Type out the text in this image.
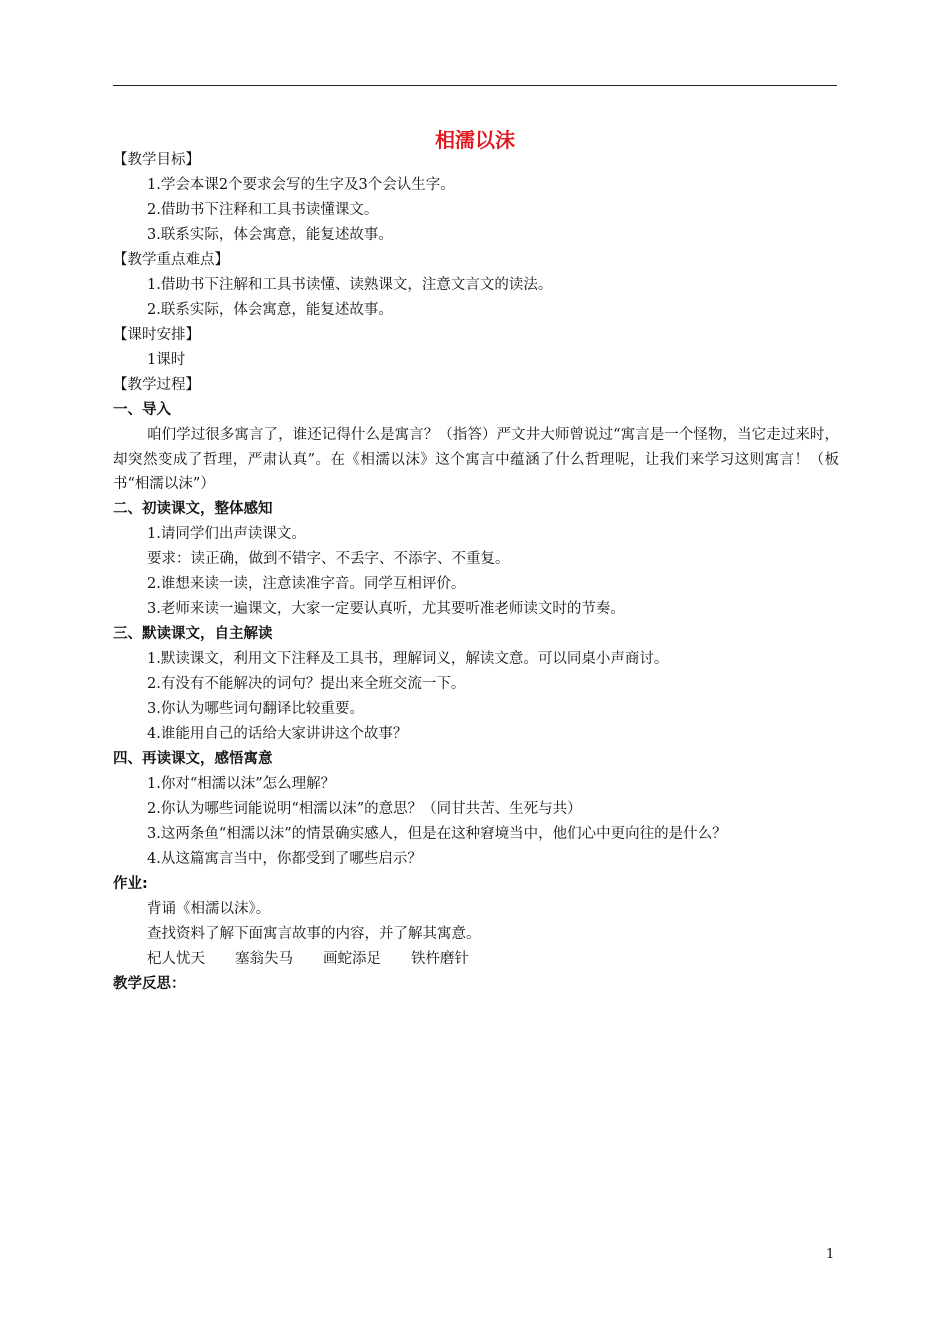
相濡以沫
【教学目标】
1.学会本课2个要求会写的生字及3个会认生字。
2.借助书下注释和工具书读懂课文。
3.联系实际，体会寓意，能复述故事。
【教学重点难点】
1.借助书下注解和工具书读懂、读熟课文，注意文言文的读法。
2.联系实际，体会寓意，能复述故事。
【课时安排】
1课时
【教学过程】
一、导入
咱们学过很多寓言了，谁还记得什么是寓言？（指答）严文井大师曾说过“寓言是一个怪物，当它走过来时，却突然变成了哲理，严肃认真”。在《相濡以沫》这个寓言中蕴涵了什么哲理呢，让我们来学习这则寓言！（板书“相濡以沫”）
二、初读课文，整体感知
1.请同学们出声读课文。
要求：读正确，做到不错字、不丢字、不添字、不重复。
2.谁想来读一读，注意读准字音。同学互相评价。
3.老师来读一遍课文，大家一定要认真听，尤其要听准老师读文时的节奏。
三、默读课文，自主解读
1.默读课文，利用文下注释及工具书，理解词义，解读文意。可以同桌小声商讨。
2.有没有不能解决的词句？提出来全班交流一下。
3.你认为哪些词句翻译比较重要。
4.谁能用自己的话给大家讲讲这个故事？
四、再读课文，感悟寓意
1.你对“相濡以沫”怎么理解？
2.你认为哪些词能说明“相濡以沫”的意思？（同甘共苦、生死与共）
3.这两条鱼“相濡以沫”的情景确实感人，但是在这种窘境当中，他们心中更向往的是什么？
4.从这篇寓言当中，你都受到了哪些启示？
作业:
背诵《相濡以沫》。
查找资料了解下面寓言故事的内容，并了解其寓意。
杞人忧天 塞翁失马 画蛇添足 铁杵磨针
教学反思：
1
